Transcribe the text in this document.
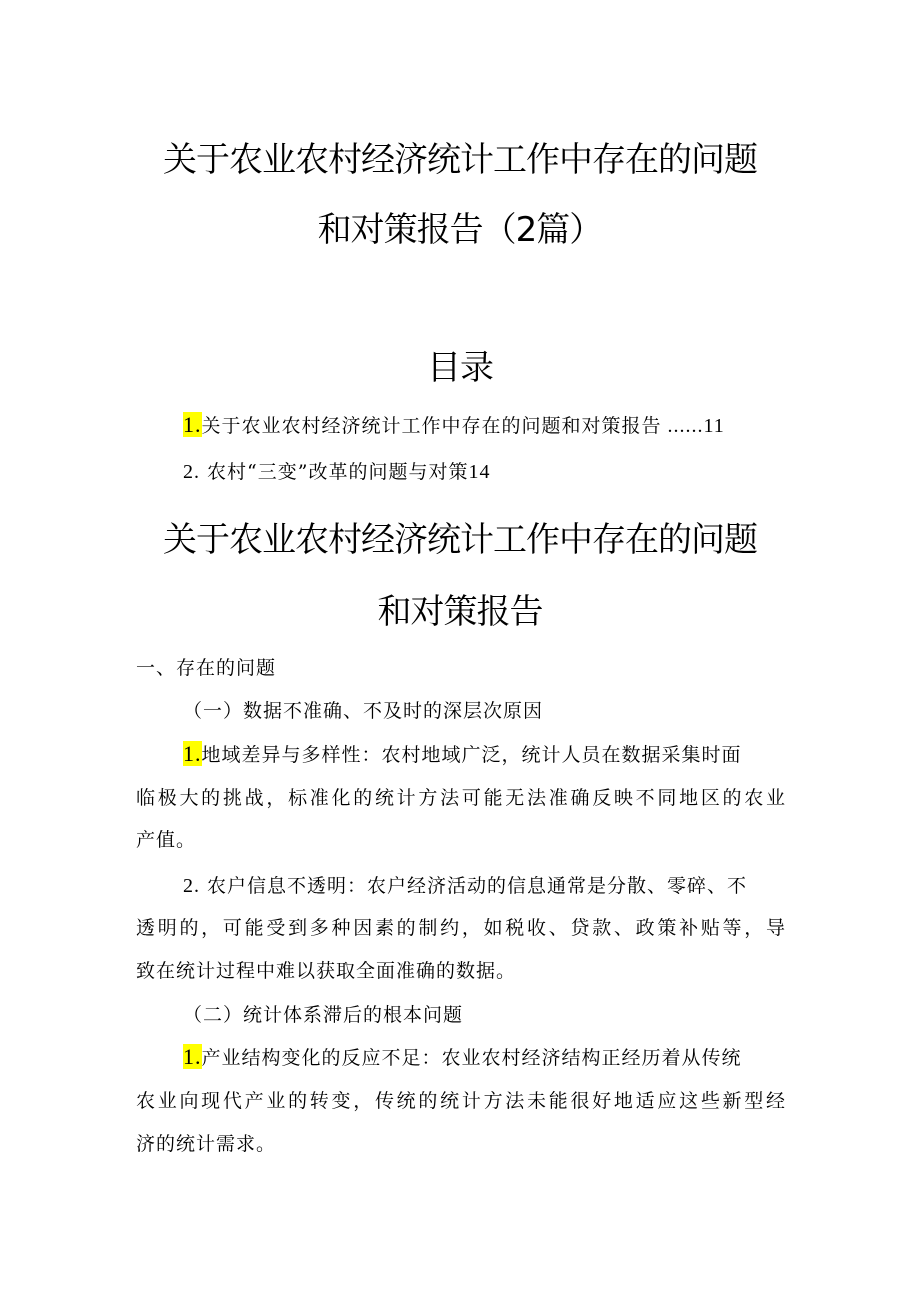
关于农业农村经济统计工作中存在的问题
和对策报告（2篇）
目录
1.关于农业农村经济统计工作中存在的问题和对策报告 ......11
2. 农村“三变”改革的问题与对策14
关于农业农村经济统计工作中存在的问题
和对策报告
一、存在的问题
（一）数据不准确、不及时的深层次原因
1.地域差异与多样性：农村地域广泛，统计人员在数据采集时面
临极大的挑战，标准化的统计方法可能无法准确反映不同地区的农业
产值。
2. 农户信息不透明：农户经济活动的信息通常是分散、零碎、不
透明的，可能受到多种因素的制约，如税收、贷款、政策补贴等，导
致在统计过程中难以获取全面准确的数据。
（二）统计体系滞后的根本问题
1.产业结构变化的反应不足：农业农村经济结构正经历着从传统
农业向现代产业的转变，传统的统计方法未能很好地适应这些新型经
济的统计需求。
